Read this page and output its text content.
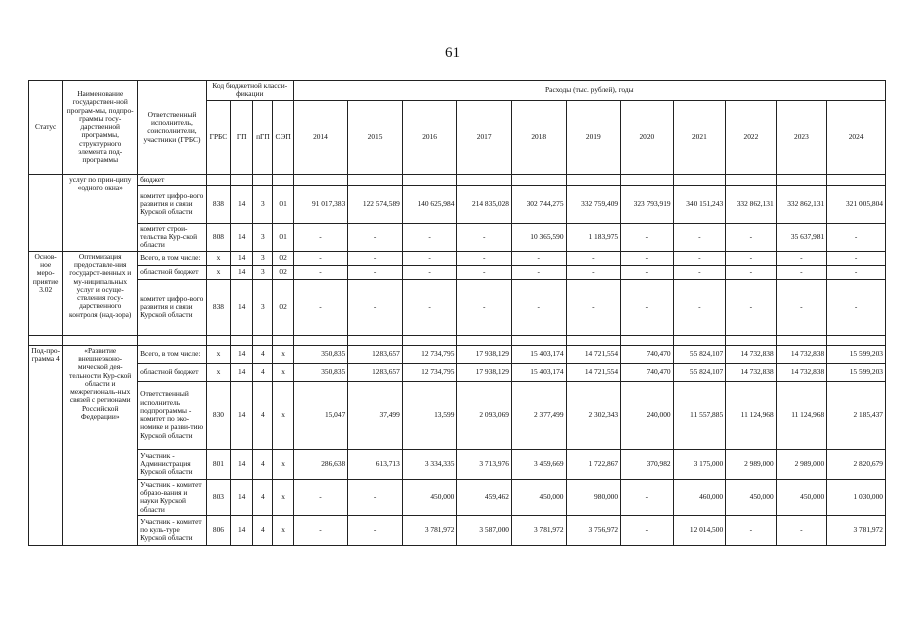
61
Статус	Наименование государствен-ной програм-мы, подпро-граммы госу-дарственной программы, структурного элемента под-программы	Ответственный исполнитель, соисполнители, участники (ГРБС)	Код бюджетной класси-фикации				Расходы (тыс. рублей), годы										
			ГРБС	ГП	пГП	СЭП	2014	2015	2016	2017	2018	2019	2020	2021	2022	2023	2024
	услуг по прин-ципу «одного окна»	бюджет															
		комитет цифро-вого развития и связи Курской области	838	14	3	01	91 017,383	122 574,589	140 625,984	214 835,028	302 744,275	332 759,409	323 793,919	340 151,243	332 862,131	332 862,131	321 005,804
		комитет строи-тельства Кур-ской области	808	14	3	01	-	-	-	-	10 365,590	1 183,975	-	-	-	35 637,981	-
Основ-ное меро-приятие 3.02	Оптимизация предоставле-ния государст-венных и му-ниципальных услуг и осуще-ствления госу-дарственного контроля (над-зора)	Всего, в том числе:	х	14	3	02	-	-	-	-	-	-	-	-	-	-	-
		областной бюджет	х	14	3	02	-	-	-	-	-	-	-	-	-	-	-
		комитет цифро-вого развития и связи Курской области	838	14	3	02	-	-	-	-	-	-	-	-	-	-	-

Под-про-грамма 4	«Развитие внешнеэконо-мической дея-тельности Кур-ской области и межрегиональ-ных связей с регионами Российской Федерации»	Всего, в том числе:	х	14	4	х	350,835	1283,657	12 734,795	17 938,129	15 403,174	14 721,554	740,470	55 824,107	14 732,838	14 732,838	15 599,203
		областной бюджет	х	14	4	х	350,835	1283,657	12 734,795	17 938,129	15 403,174	14 721,554	740,470	55 824,107	14 732,838	14 732,838	15 599,203
		Ответственный исполнитель подпрограммы - комитет по эко-номике и разви-тию Курской области	830	14	4	х	15,047	37,499	13,599	2 093,069	2 377,499	2 302,343	240,000	11 557,885	11 124,968	11 124,968	2 185,437
		Участник - Администрация Курской области	801	14	4	х	286,638	613,713	3 334,335	3 713,976	3 459,669	1 722,867	370,982	3 175,000	2 989,000	2 989,000	2 820,679
		Участник - комитет образо-вания и науки Курской области	803	14	4	х	-	-	450,000	459,462	450,000	980,000	-	460,000	450,000	450,000	1 030,000
		Участник - комитет по куль-туре Курской области	806	14	4	х	-	-	3 781,972	3 587,000	3 781,972	3 756,972	-	12 014,500	-	-	3 781,972
